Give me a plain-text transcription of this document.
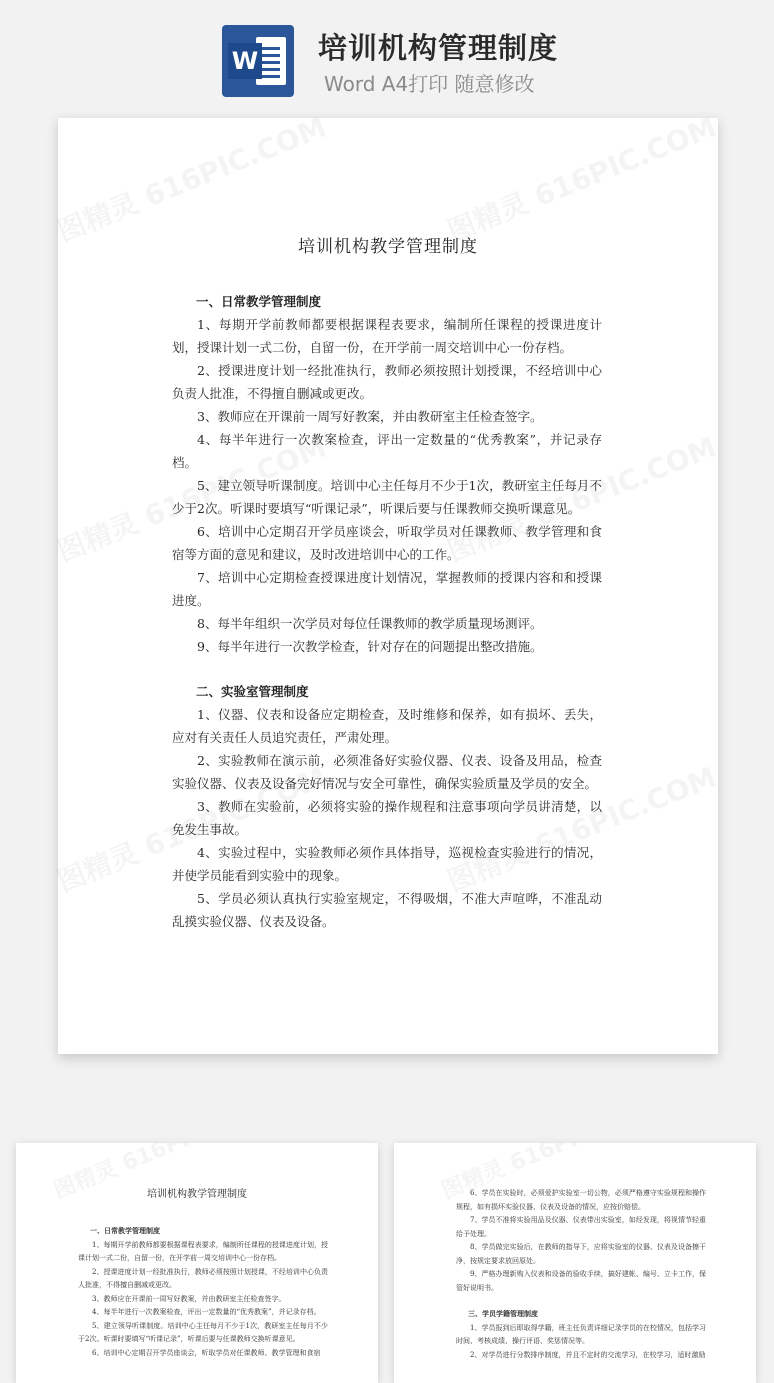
W 培训机构管理制度
Word A4打印 随意修改
培训机构教学管理制度

一、日常教学管理制度

1、每期开学前教师都要根据课程表要求，编制所任课程的授课进度计划，授课计划一式二份，自留一份，在开学前一周交培训中心一份存档。

2、授课进度计划一经批准执行，教师必须按照计划授课，不经培训中心负责人批准，不得擅自删减或更改。

3、教师应在开课前一周写好教案，并由教研室主任检查签字。

4、每半年进行一次教案检查，评出一定数量的“优秀教案”，并记录存档。

5、建立领导听课制度。培训中心主任每月不少于1次，教研室主任每月不少于2次。听课时要填写“听课记录”，听课后要与任课教师交换听课意见。

6、培训中心定期召开学员座谈会，听取学员对任课教师、教学管理和食宿等方面的意见和建议，及时改进培训中心的工作。

7、培训中心定期检查授课进度计划情况，掌握教师的授课内容和和授课进度。

8、每半年组织一次学员对每位任课教师的教学质量现场测评。

9、每半年进行一次教学检查，针对存在的问题提出整改措施。

二、实验室管理制度

1、仪器、仪表和设备应定期检查，及时维修和保养，如有损坏、丢失，应对有关责任人员追究责任，严肃处理。

2、实验教师在演示前，必须准备好实验仪器、仪表、设备及用品，检查实验仪器、仪表及设备完好情况与安全可靠性，确保实验质量及学员的安全。

3、教师在实验前，必须将实验的操作规程和注意事项向学员讲清楚，以免发生事故。

4、实验过程中，实验教师必须作具体指导，巡视检查实验进行的情况，并使学员能看到实验中的现象。

5、学员必须认真执行实验室规定，不得吸烟，不准大声喧哗，不准乱动乱摸实验仪器、仪表及设备。

培训机构教学管理制度
一、日常教学管理制度
1、每期开学前教师都要根据课程表要求，编制所任课程的授课进度计划，授课计划一式二份，自留一份，在开学前一周交培训中心一份存档。
2、授课进度计划一经批准执行，教师必须按照计划授课，不经培训中心负责人批准，不得擅自删减或更改。
3、教师应在开课前一周写好教案，并由教研室主任检查签字。
4、每半年进行一次教案检查，评出一定数量的“优秀教案”，并记录存档。
5、建立领导听课制度。培训中心主任每月不少于1次，教研室主任每月不少于2次。听课时要填写“听课记录”，听课后要与任课教师交换听课意见。
6、培训中心定期召开学员座谈会，听取学员对任课教师、教学管理和食宿
6、学员在实验时，必须爱护实验室一切公物，必须严格遵守实验规程和操作规程，如有损坏实验仪器、仪表及设备的情况，应按价赔偿。
7、学员不准将实验用品及仪器、仪表带出实验室，如经发现，将视情节轻重给予处理。
8、学员做完实验后，在教师的指导下，应将实验室的仪器、仪表及设备擦干净，按规定要求放回原处。
9、严格办理新购入仪表和设备的验收手续，搞好建帐、编号、立卡工作，保管好说明书。
三、学员学籍管理制度
1、学员报到后即取得学籍，班主任负责详细记录学员的在校情况，包括学习时间、考核成绩、操行评语、奖惩情况等。
2、对学员进行分数排序制度，并且不定时的交流学习，在校学习，适时激励
